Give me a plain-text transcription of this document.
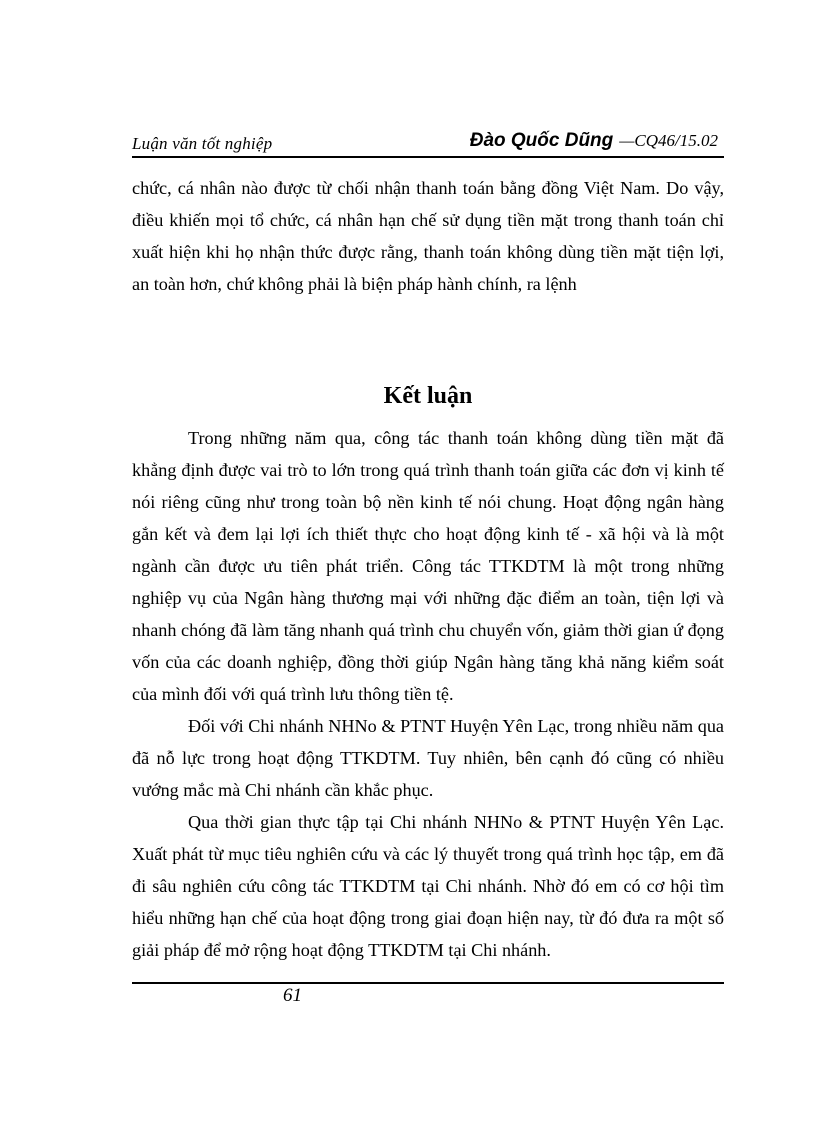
Luận văn tốt nghiệp	Đào Quốc Dũng —CQ46/15.02

chức, cá nhân nào được từ chối nhận thanh toán bằng đồng Việt Nam. Do vậy, điều khiến mọi tổ chức, cá nhân hạn chế sử dụng tiền mặt trong thanh toán chỉ xuất hiện khi họ nhận thức được rằng, thanh toán không dùng tiền mặt tiện lợi, an toàn hơn, chứ không phải là biện pháp hành chính, ra lệnh

Kết luận

Trong những năm qua, công tác thanh toán không dùng tiền mặt đã khẳng định được vai trò to lớn trong quá trình thanh toán giữa các đơn vị kinh tế nói riêng cũng như trong toàn bộ nền kinh tế nói chung. Hoạt động ngân hàng gắn kết và đem lại lợi ích thiết thực cho hoạt động kinh tế - xã hội và là một ngành cần được ưu tiên phát triển. Công tác TTKDTM là một trong những nghiệp vụ của Ngân hàng thương mại với những đặc điểm an toàn, tiện lợi và nhanh chóng đã làm tăng nhanh quá trình chu chuyển vốn, giảm thời gian ứ đọng vốn của các doanh nghiệp, đồng thời giúp Ngân hàng tăng khả năng kiểm soát của mình đối với quá trình lưu thông tiền tệ.

Đối với Chi nhánh NHNo & PTNT Huyện Yên Lạc, trong nhiều năm qua đã nỗ lực trong hoạt động TTKDTM. Tuy nhiên, bên cạnh đó cũng có nhiều vướng mắc mà Chi nhánh cần khắc phục.

Qua thời gian thực tập tại Chi nhánh NHNo & PTNT Huyện Yên Lạc. Xuất phát từ mục tiêu nghiên cứu và các lý thuyết trong quá trình học tập, em đã đi sâu nghiên cứu công tác TTKDTM tại Chi nhánh. Nhờ đó em có cơ hội tìm hiểu những hạn chế của hoạt động trong giai đoạn hiện nay, từ đó đưa ra một số giải pháp để mở rộng hoạt động TTKDTM tại Chi nhánh.

61
